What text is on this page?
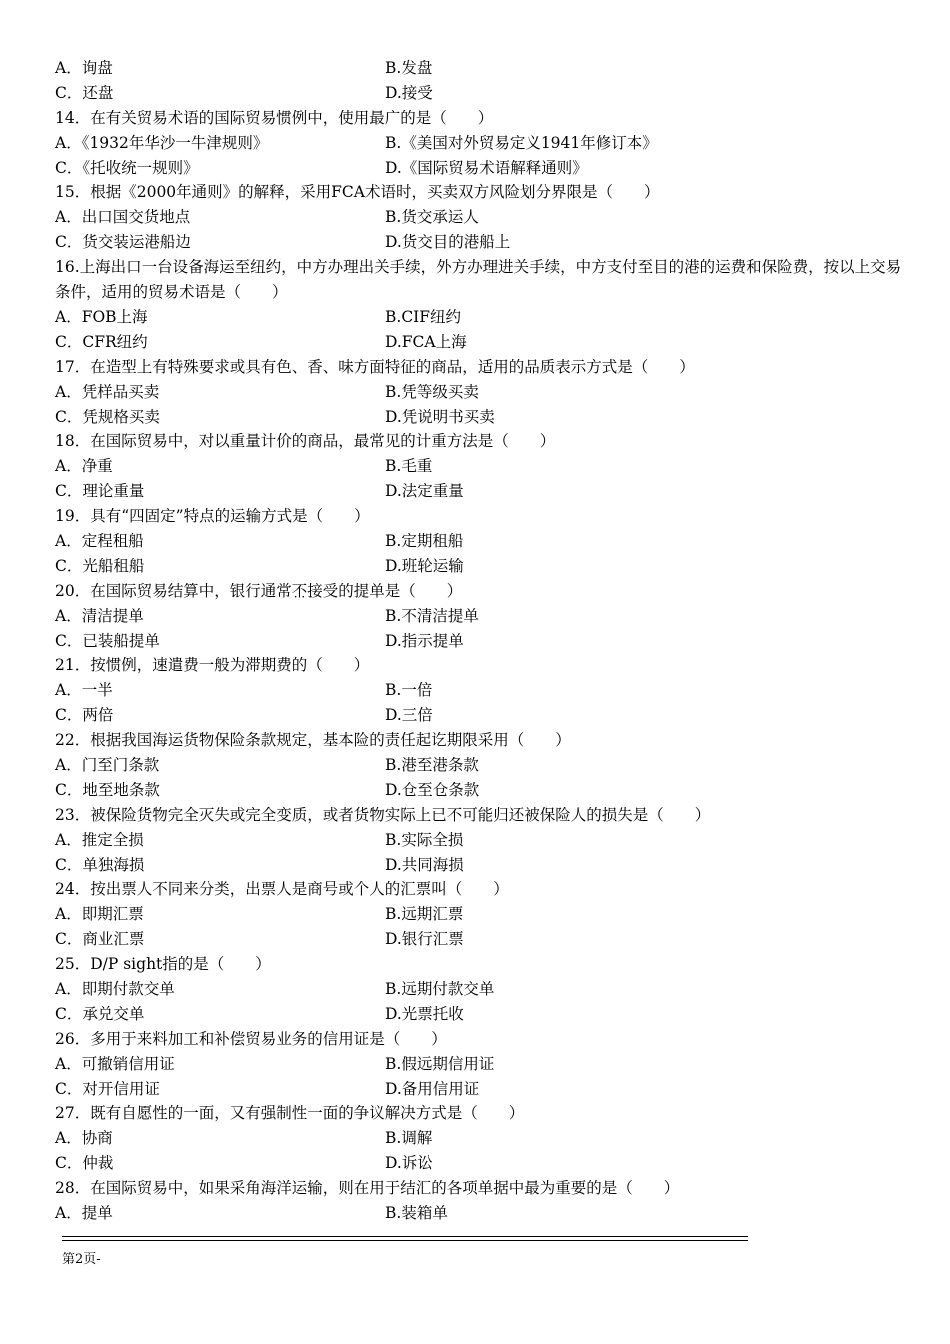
A．询盘	B.发盘
C．还盘	D.接受
14．在有关贸易术语的国际贸易惯例中，使用最广的是（　　）
A．《1932年华沙一牛津规则》	B.《美国对外贸易定义1941年修订本》
C．《托收统一规则》	D.《国际贸易术语解释通则》
15．根据《2000年通则》的解释，采用FCA术语时，买卖双方风险划分界限是（　　）
A．出口国交货地点	B.货交承运人
C．货交装运港船边	D.货交目的港船上
16.上海出口一台设备海运至纽约，中方办理出关手续，外方办理进关手续，中方支付至目的港的运费和保险费，按以上交易条件，适用的贸易术语是（　　）
A．FOB上海	B.CIF纽约
C．CFR纽约	D.FCA上海
17．在造型上有特殊要求或具有色、香、味方面特征的商品，适用的品质表示方式是（　　）
A．凭样品买卖	B.凭等级买卖
C．凭规格买卖	D.凭说明书买卖
18．在国际贸易中，对以重量计价的商品，最常见的计重方法是（　　）
A．净重	B.毛重
C．理论重量	D.法定重量
19．具有“四固定”特点的运输方式是（　　）
A．定程租船	B.定期租船
C．光船租船	D.班轮运输
20．在国际贸易结算中，银行通常不接受 · · ·的提单是（　　）
A．清洁提单	B.不清洁提单
C．已装船提单	D.指示提单
21．按惯例，速遣费一般为滞期费的（　　）
A．一半	B.一倍
C．两倍	D.三倍
22．根据我国海运货物保险条款规定，基本险的责任起讫期限采用（　　）
A．门至门条款	B.港至港条款
C．地至地条款	D.仓至仓条款
23．被保险货物完全灭失或完全变质，或者货物实际上已不可能归还被保险人的损失是（　　）
A．推定全损	B.实际全损
C．单独海损	D.共同海损
24．按出票人不同来分类，出票人是商号或个人的汇票叫（　　）
A．即期汇票	B.远期汇票
C．商业汇票	D.银行汇票
25．D/P sight指的是（　　）
A．即期付款交单	B.远期付款交单
C．承兑交单	D.光票托收
26．多用于来料加工和补偿贸易业务的信用证是（　　）
A．可撤销信用证	B.假远期信用证
C．对开信用证	D.备用信用证
27．既有自愿性的一面，又有强制性一面的争议解决方式是（　　）
A．协商	B.调解
C．仲裁	D.诉讼
28．在国际贸易中，如果采角海洋运输，则在用于结汇的各项单据中最为重要的是（　　）
A．提单	B.装箱单
第2页-
